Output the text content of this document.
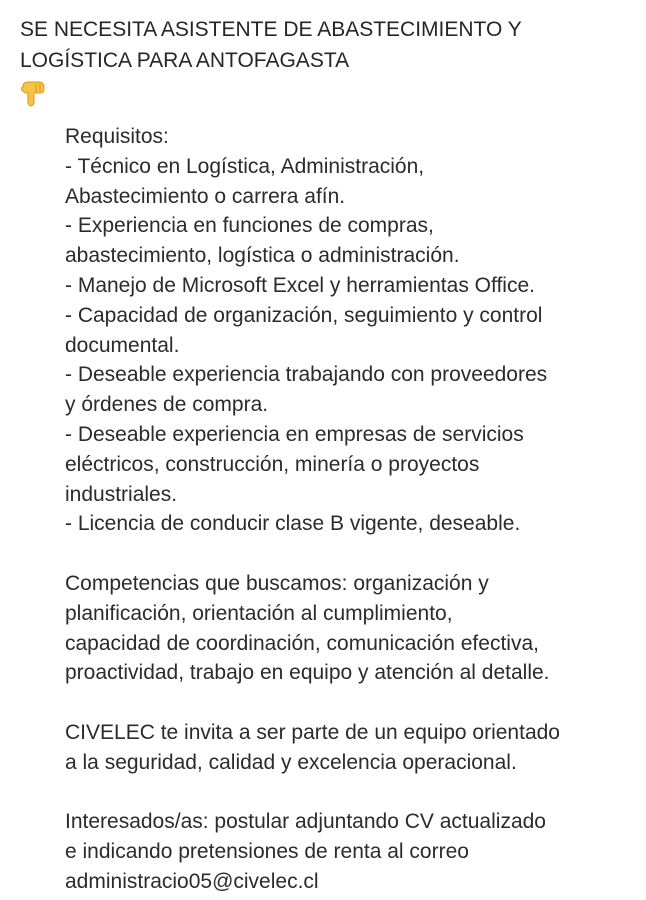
SE NECESITA ASISTENTE DE ABASTECIMIENTO Y
LOGÍSTICA PARA ANTOFAGASTA
Requisitos:
- Técnico en Logística, Administración,
Abastecimiento o carrera afín.
- Experiencia en funciones de compras,
abastecimiento, logística o administración.
- Manejo de Microsoft Excel y herramientas Office.
- Capacidad de organización, seguimiento y control
documental.
- Deseable experiencia trabajando con proveedores
y órdenes de compra.
- Deseable experiencia en empresas de servicios
eléctricos, construcción, minería o proyectos
industriales.
- Licencia de conducir clase B vigente, deseable.
Competencias que buscamos: organización y
planificación, orientación al cumplimiento,
capacidad de coordinación, comunicación efectiva,
proactividad, trabajo en equipo y atención al detalle.
CIVELEC te invita a ser parte de un equipo orientado
a la seguridad, calidad y excelencia operacional.
Interesados/as: postular adjuntando CV actualizado
e indicando pretensiones de renta al correo
administracio05@civelec.cl
